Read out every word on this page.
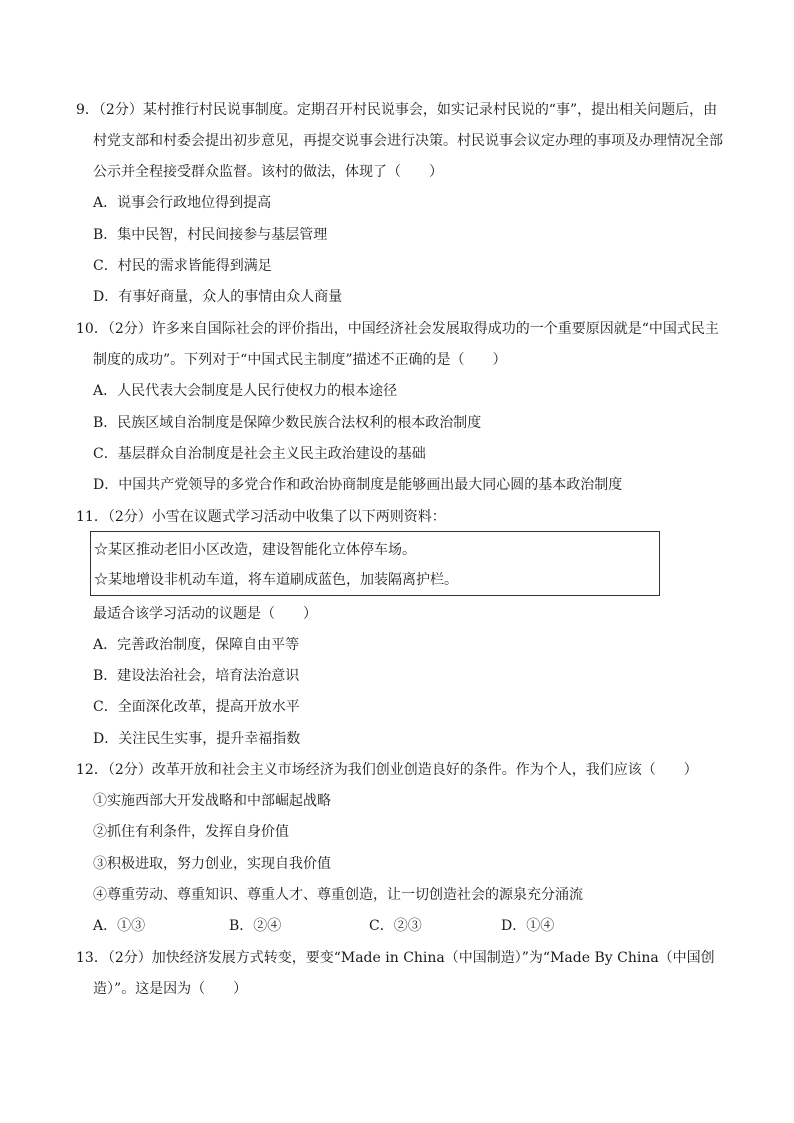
9．（2分）某村推行村民说事制度。定期召开村民说事会，如实记录村民说的“事”，提出相关问题后，由
村党支部和村委会提出初步意见，再提交说事会进行决策。村民说事会议定办理的事项及办理情况全部
公示并全程接受群众监督。该村的做法，体现了（　　）
A．说事会行政地位得到提高
B．集中民智，村民间接参与基层管理
C．村民的需求皆能得到满足
D．有事好商量，众人的事情由众人商量
10．（2分）许多来自国际社会的评价指出，中国经济社会发展取得成功的一个重要原因就是“中国式民主
制度的成功”。下列对于“中国式民主制度”描述不正确的是（　　）
A．人民代表大会制度是人民行使权力的根本途径
B．民族区域自治制度是保障少数民族合法权利的根本政治制度
C．基层群众自治制度是社会主义民主政治建设的基础
D．中国共产党领导的多党合作和政治协商制度是能够画出最大同心圆的基本政治制度
11．（2分）小雪在议题式学习活动中收集了以下两则资料：
☆某区推动老旧小区改造，建设智能化立体停车场。
☆某地增设非机动车道，将车道刷成蓝色，加装隔离护栏。
最适合该学习活动的议题是（　　）
A．完善政治制度，保障自由平等
B．建设法治社会，培育法治意识
C．全面深化改革，提高开放水平
D．关注民生实事，提升幸福指数
12．（2分）改革开放和社会主义市场经济为我们创业创造良好的条件。作为个人，我们应该（　　）
①实施西部大开发战略和中部崛起战略
②抓住有利条件，发挥自身价值
③积极进取，努力创业，实现自我价值
④尊重劳动、尊重知识、尊重人才、尊重创造，让一切创造社会的源泉充分涌流
A．①③	B．②④	C．②③	D．①④
13．（2分）加快经济发展方式转变，要变“Made in China（中国制造）”为“Made By China（中国创
造）”。这是因为（　　）
